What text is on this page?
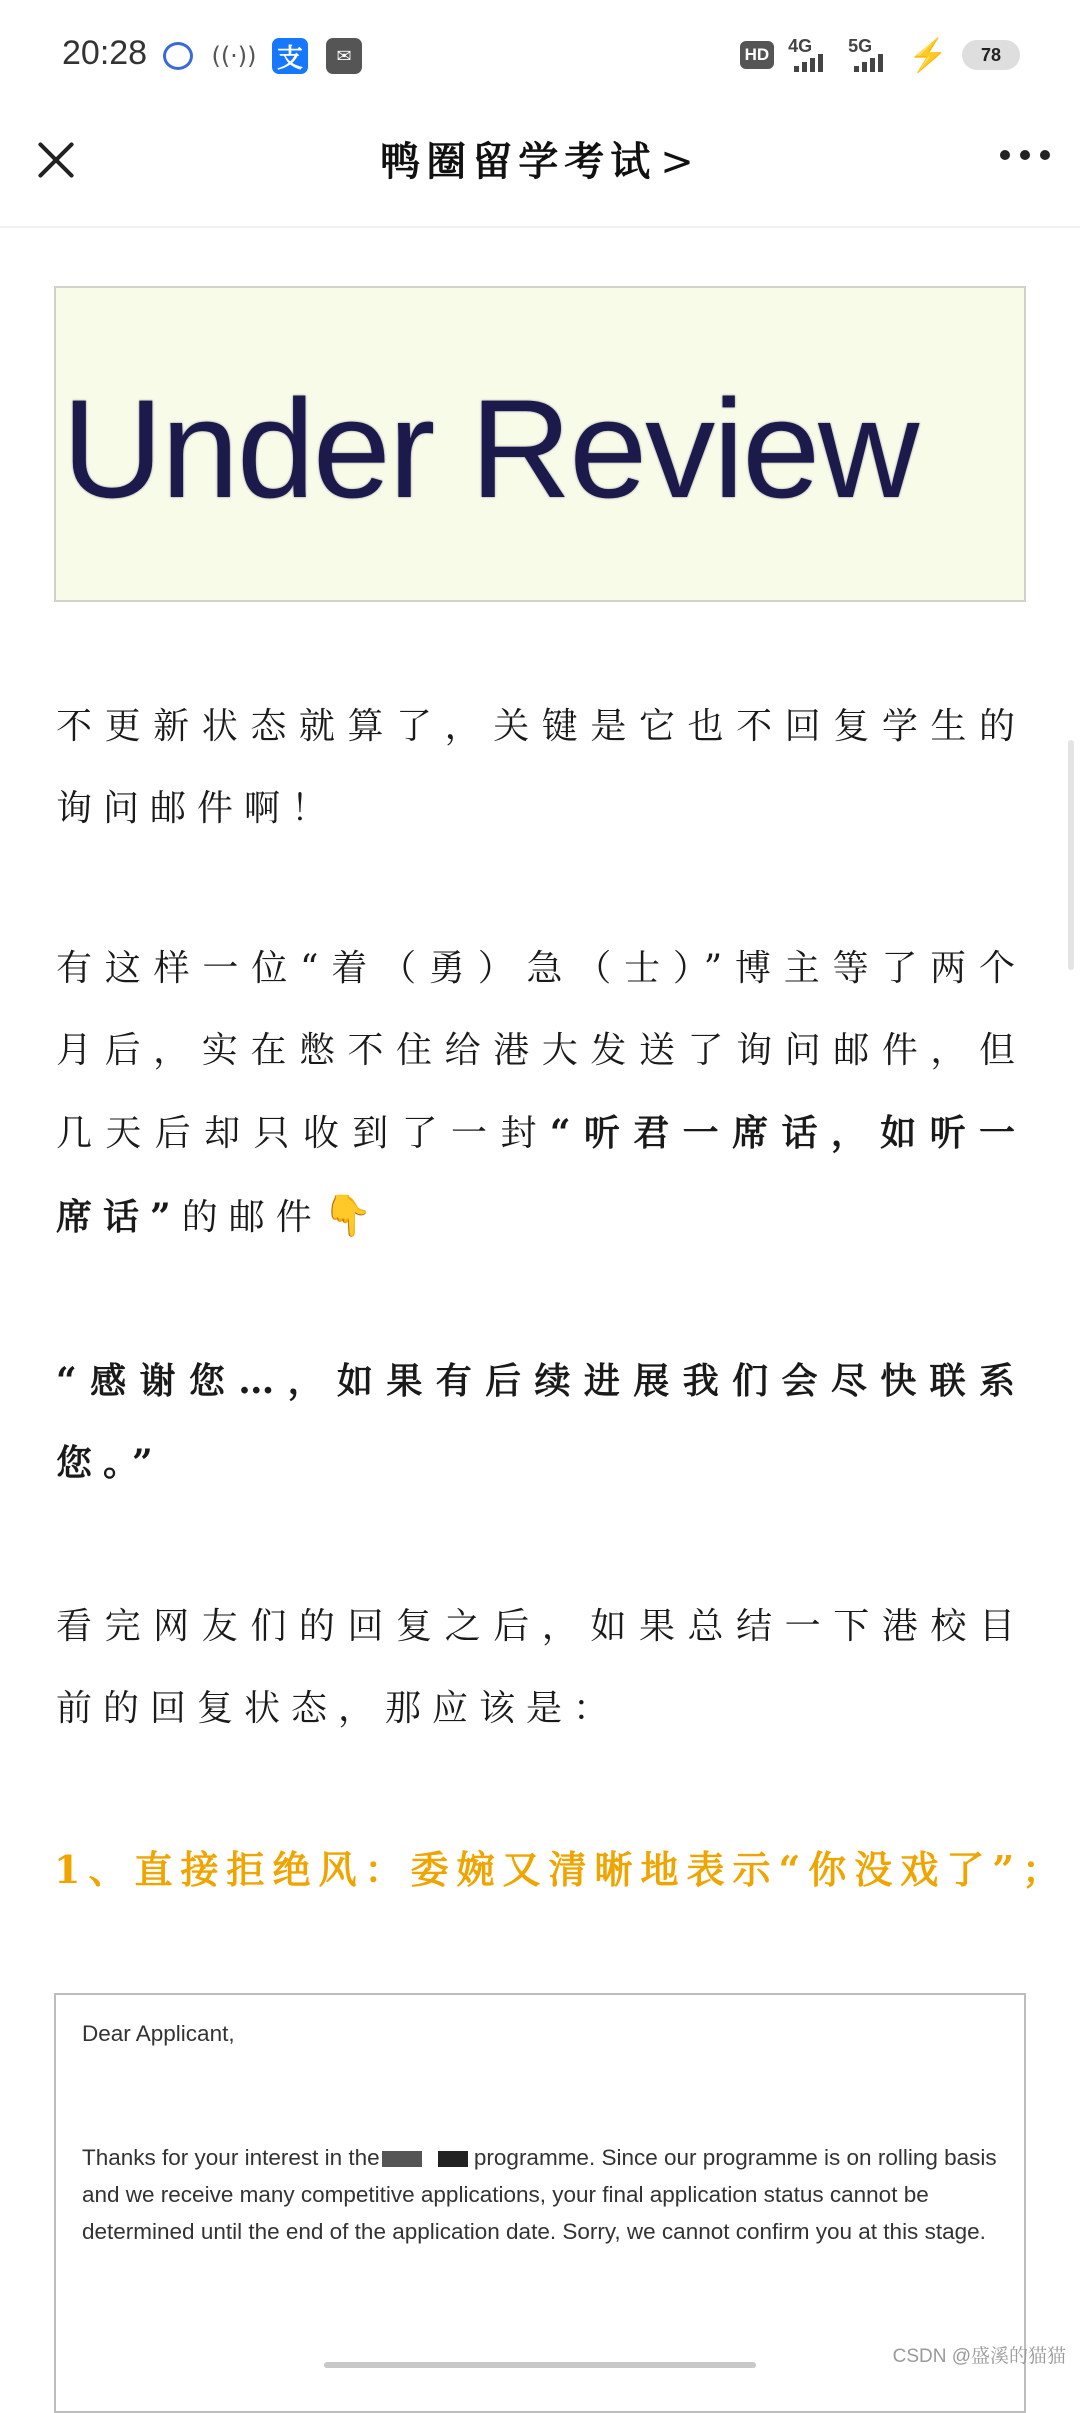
20:28	((·)) 支	✉	HD 4G 5G ⚡	78
鸭圈留学考试 >
Under Review
不更新状态就算了，关键是它也不回复学生的询问邮件啊！
有这样一位“着（勇）急（士）”博主等了两个月后，实在憋不住给港大发送了询问邮件，但几天后却只收到了一封“听君一席话，如听一席话”的邮件👇
“感谢您…，如果有后续进展我们会尽快联系您。”
看完网友们的回复之后，如果总结一下港校目前的回复状态，那应该是：
1、直接拒绝风：委婉又清晰地表示“你没戏了”；
Dear Applicant,
Thanks for your interest in the	programme. Since our programme is on rolling basis and we receive many competitive applications, your final application status cannot be determined until the end of the application date. Sorry, we cannot confirm you at this stage.
CSDN @盛溪的猫猫
